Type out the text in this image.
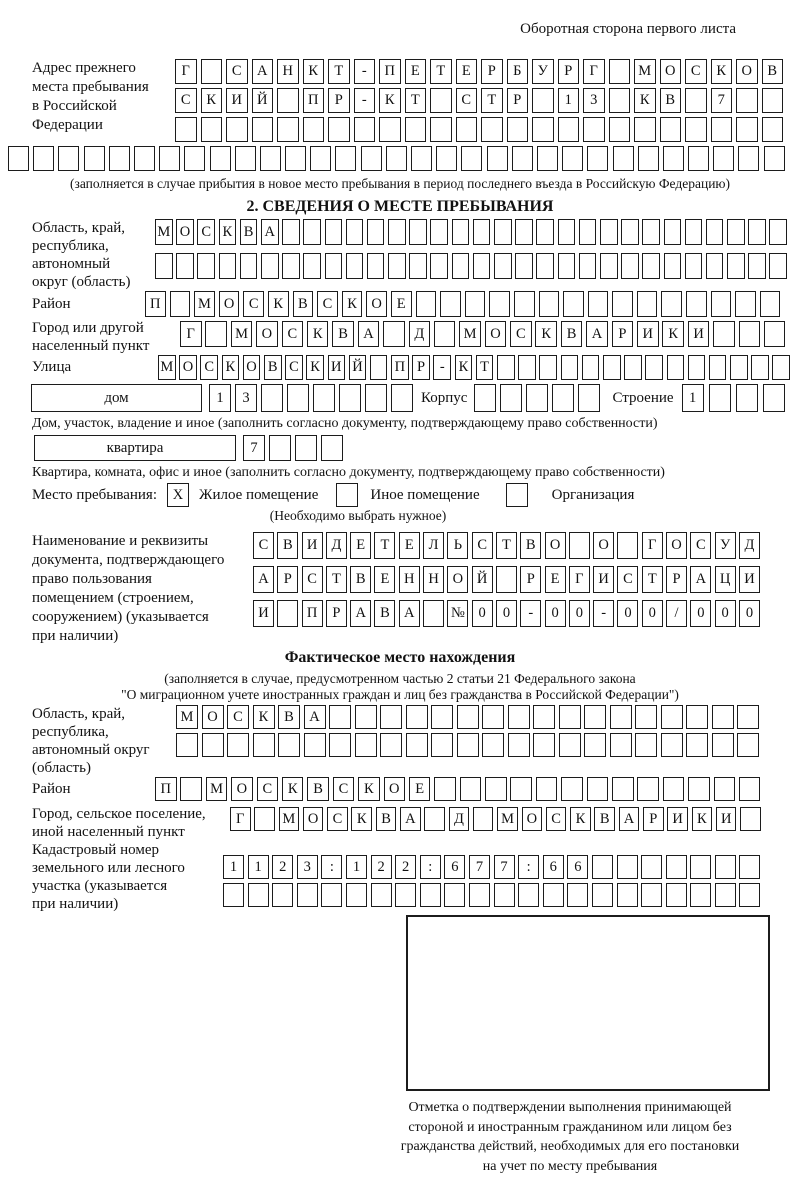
Оборотная сторона первого листа
Адрес прежнего
места пребывания
в Российской
Федерации
Г	С	А	Н	К	Т	-	П	Е	Т	Е	Р	Б	У	Р	Г	М О	С	К	О	В
С	К	И	Й	П	Р	-	К	Т	С	Т	Р	1	3	К	В	7
(заполняется в случае прибытия в новое место пребывания в период последнего въезда в Российскую Федерацию)
2. СВЕДЕНИЯ О МЕСТЕ ПРЕБЫВАНИЯ
Область, край,
республика,
автономный
округ (область)
М О С К В А
Район	П	М О	С	К	В	С	К	О	Е
Город или другой
населенный пункт
Г	М О	С	К	В	А	Д	М О	С	К	В	А	Р	И	К	И
Улица	М О С К О В С К И Й П Р	- К Т
дом	1	3	Корпус	Строение	1
Дом, участок, владение и иное (заполнить согласно документу, подтверждающему право собственности)
квартира	7
Квартира, комната, офис и иное (заполнить согласно документу, подтверждающему право собственности)
Место пребывания:	X	Жилое помещение	Иное помещение	Организация
(Необходимо выбрать нужное)
Наименование и реквизиты
документа, подтверждающего
право пользования
помещением (строением,
сооружением) (указывается
при наличии)
С	В И Д	Е	Т	Е	Л	Ь	С	Т	В О	О	Г	О С У Д
А	Р	С	Т	В	Е	Н Н О Й	Р	Е	Г	И С	Т	Р	А Ц И
И	П	Р	А В А	№ 0	0	-	0	0	-	0	0	/	0	0	0
Фактическое место нахождения
(заполняется в случае, предусмотренном частью 2 статьи 21 Федерального закона
"О миграционном учете иностранных граждан и лиц без гражданства в Российской Федерации")
Область, край,
республика,
автономный округ
(область)
М О	С	К	В	А
Район	П	М О	С	К	В	С	К	О	Е
Город, сельское поселение,
иной населенный пункт
Г	М О С	К	В А	Д	М О С	К	В А	Р	И К И
Кадастровый номер
земельного или лесного
участка (указывается
при наличии)
1	1	2	3	:	1	2	2	:	6	7	7	:	6	6
Отметка о подтверждении выполнения принимающей
стороной и иностранным гражданином или лицом без
гражданства действий, необходимых для его постановки
на учет по месту пребывания
